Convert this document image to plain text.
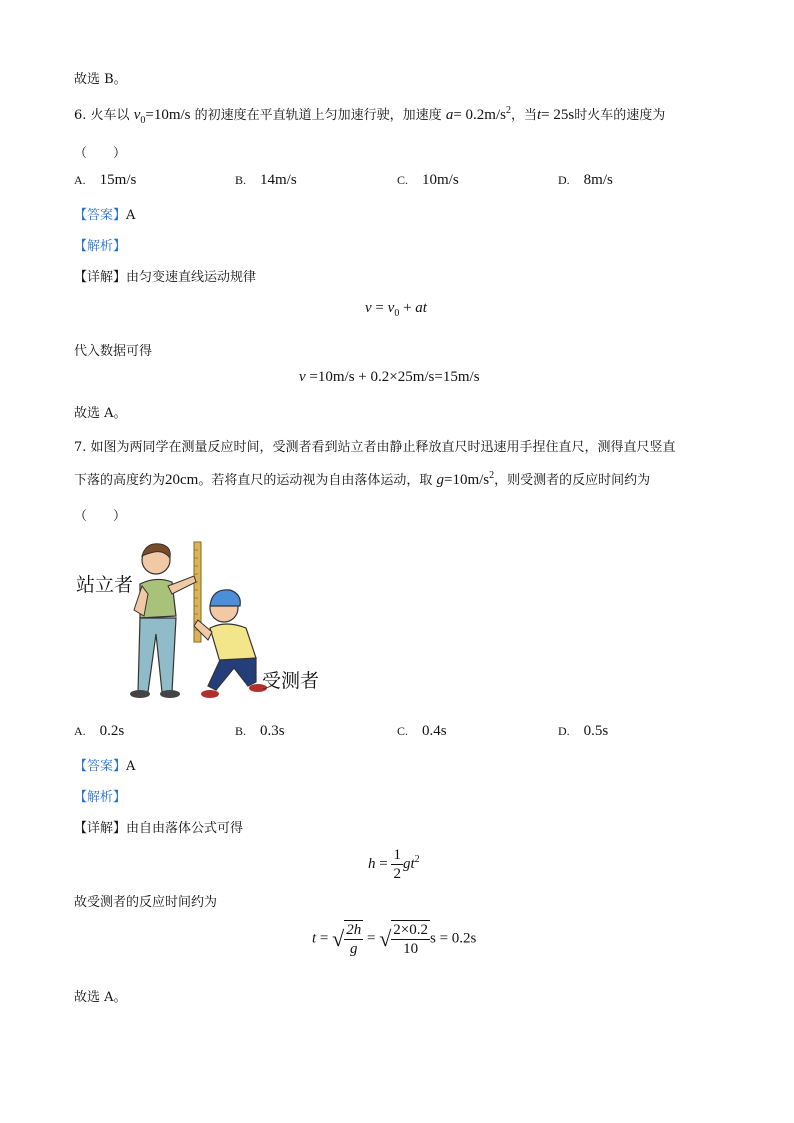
故选 B。
6. 火车以 $v_0=10m/s$ 的初速度在平直轨道上匀加速行驶，加速度 $a= 0.2m/s^2$，当t= 25s时火车的速度为
（　　）
A. 15m/s	B. 14m/s	C. 10m/s	D. 8m/s
【答案】A
【解析】
【详解】由匀变速直线运动规律
$v = v_0$ + at
代入数据可得
v =10m/s + 0.2×25m/s=15m/s
故选 A。
7. 如图为两同学在测量反应时间，受测者看到站立者由静止释放直尺时迅速用手捏住直尺，测得直尺竖直
下落的高度约为20cm。若将直尺的运动视为自由落体运动，取 $g=10m/s^2$，则受测者的反应时间约为
（　　）
站立者
受测者
A. 0.2s	B. 0.3s	C. 0.4s	D. 0.5s
【答案】A
【解析】
【详解】由自由落体公式可得
$h = \frac{1}{2} gt^2$
故受测者的反应时间约为
t = √ $\frac{2h}{g}$ = √ $\frac{2\times 0.2}{10}$ s = 0.2s
故选 A。
